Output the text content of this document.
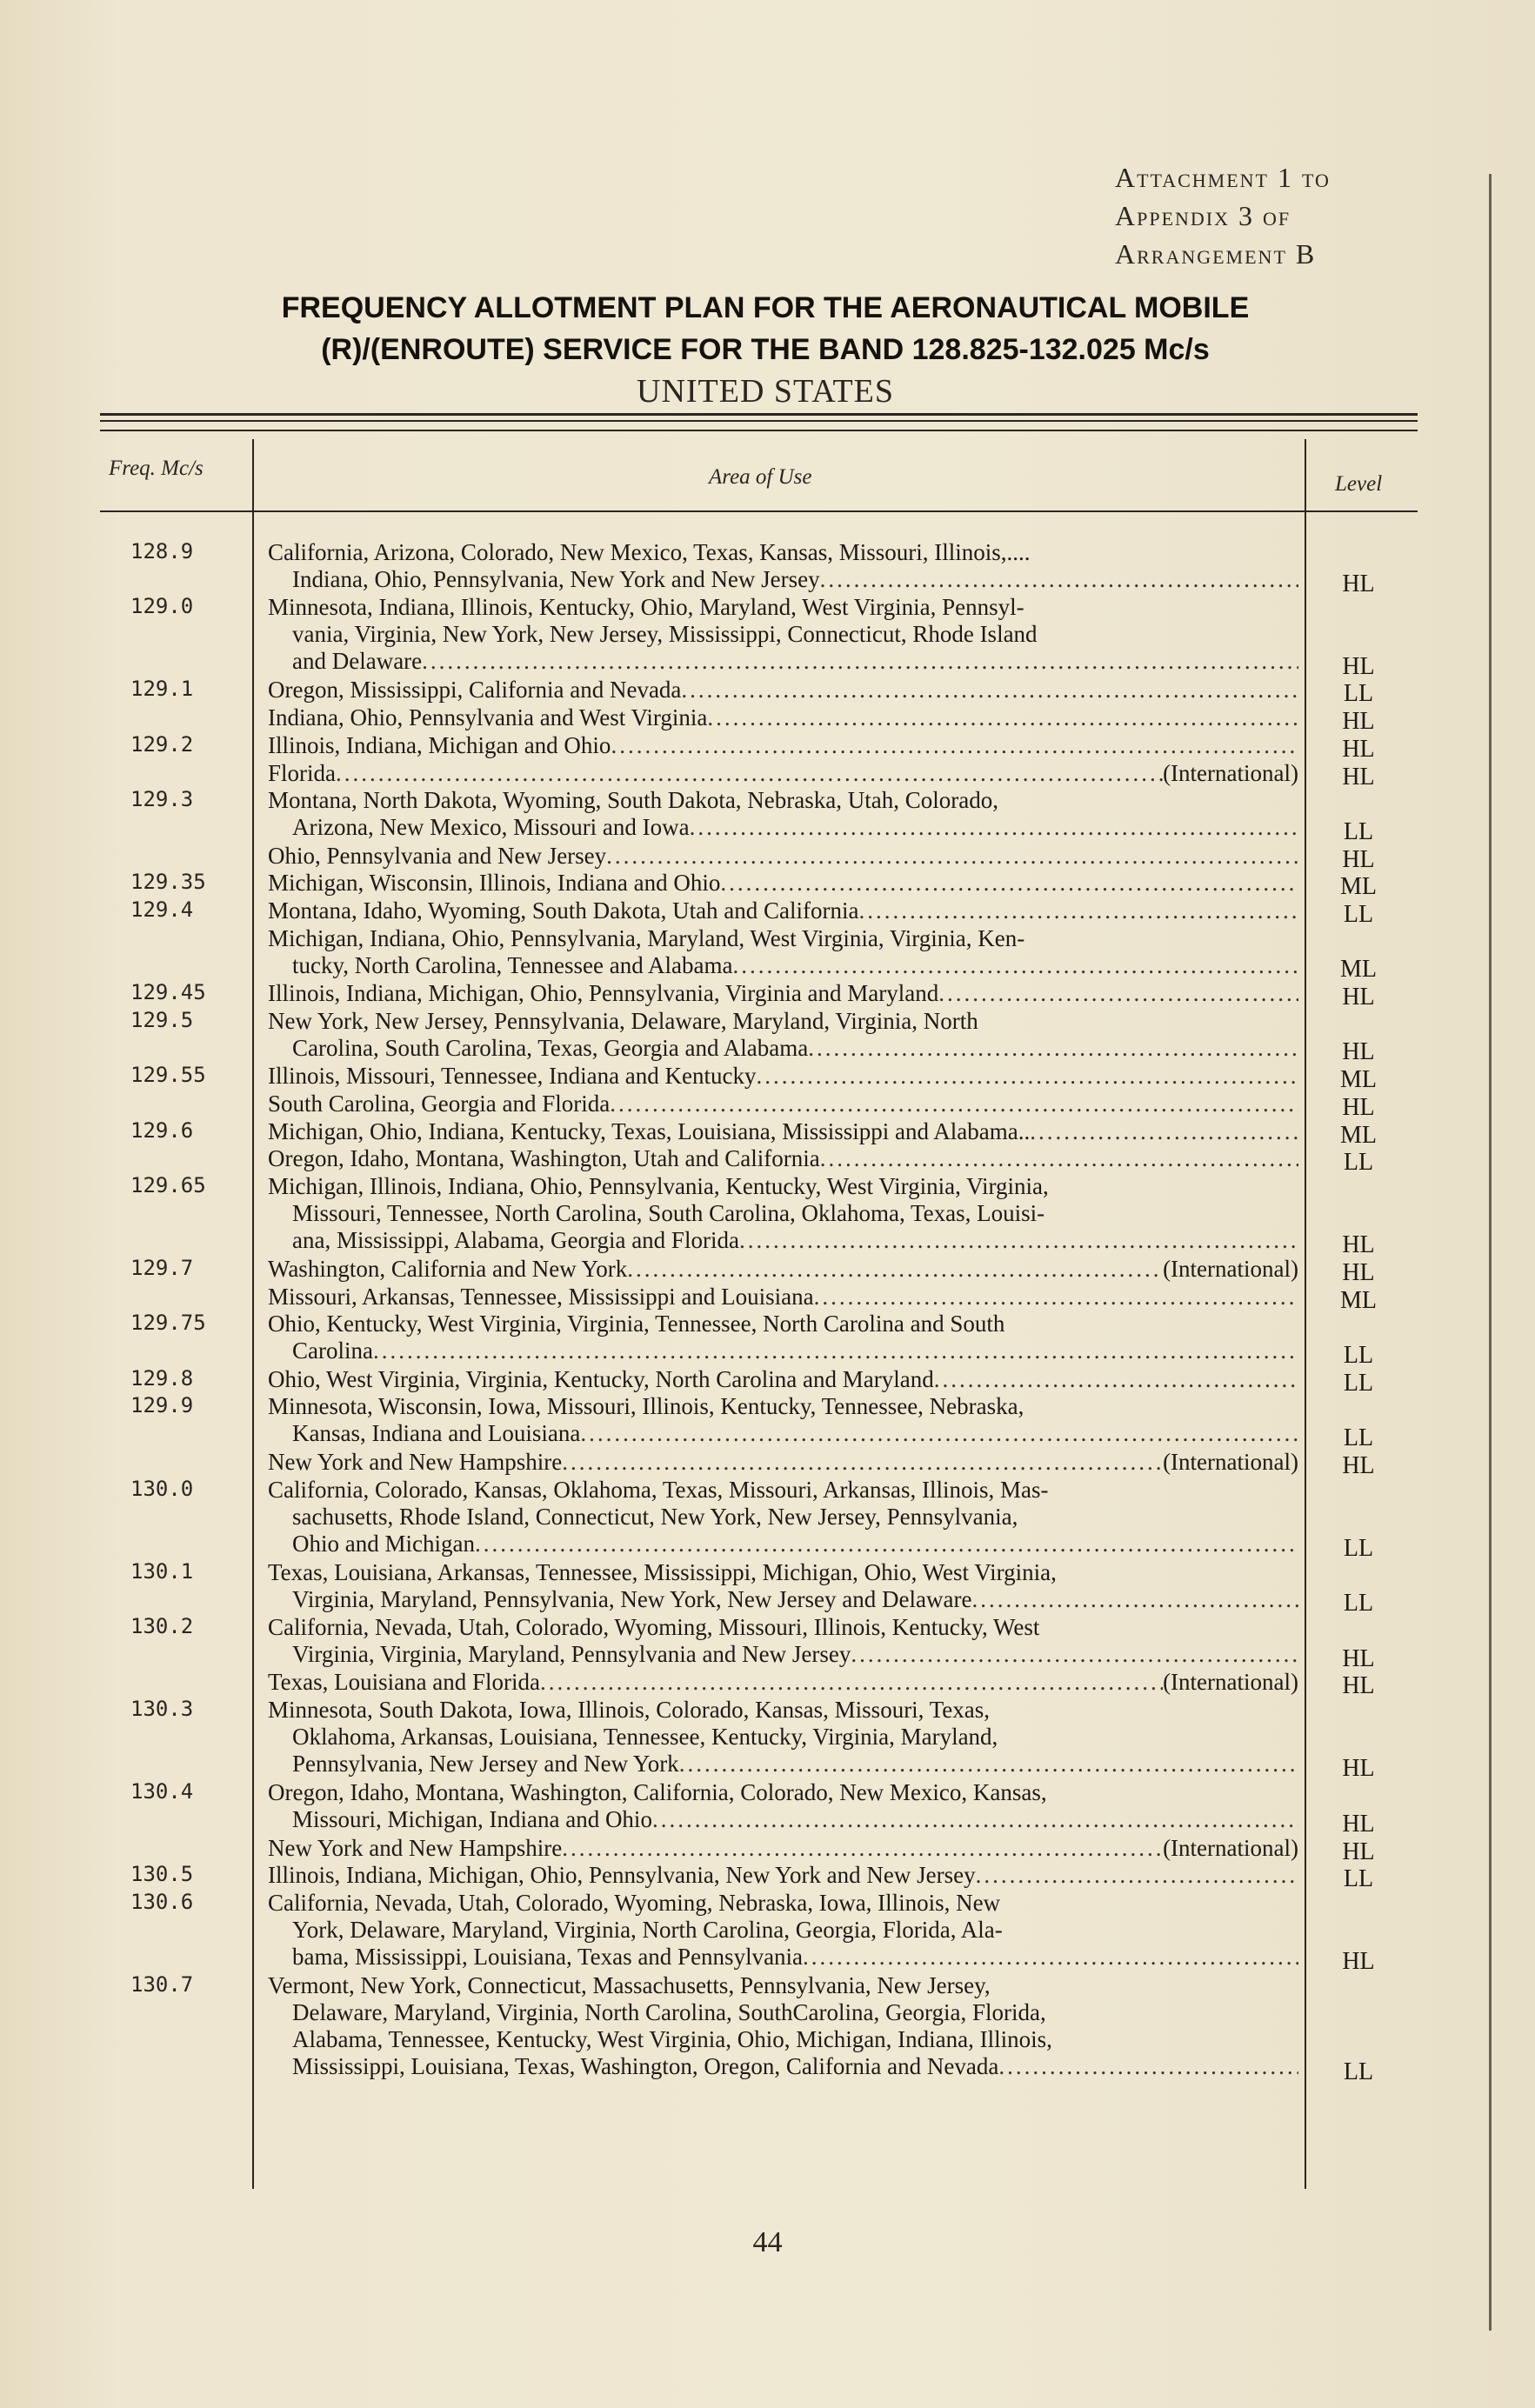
Attachment 1 to
Appendix 3 of
Arrangement B
FREQUENCY ALLOTMENT PLAN FOR THE AERONAUTICAL MOBILE
(R)/(ENROUTE) SERVICE FOR THE BAND 128.825-132.025 Mc/s
UNITED STATES
Freq. Mc/s	Area of Use	Level
128.9	California, Arizona, Colorado, New Mexico, Texas, Kansas, Missouri, Illinois,....
Indiana, Ohio, Pennsylvania, New York and New Jersey .....	HL
129.0	Minnesota, Indiana, Illinois, Kentucky, Ohio, Maryland, West Virginia, Pennsyl-
vania, Virginia, New York, New Jersey, Mississippi, Connecticut, Rhode Island
and Delaware .....	HL
129.1	Oregon, Mississippi, California and Nevada .....	LL
Indiana, Ohio, Pennsylvania and West Virginia .....	HL
129.2	Illinois, Indiana, Michigan and Ohio .....	HL
Florida .....	(International)	HL
129.3	Montana, North Dakota, Wyoming, South Dakota, Nebraska, Utah, Colorado,
Arizona, New Mexico, Missouri and Iowa .....	LL
Ohio, Pennsylvania and New Jersey .....	HL
129.35	Michigan, Wisconsin, Illinois, Indiana and Ohio .....	ML
129.4	Montana, Idaho, Wyoming, South Dakota, Utah and California .....	LL
Michigan, Indiana, Ohio, Pennsylvania, Maryland, West Virginia, Virginia, Ken-
tucky, North Carolina, Tennessee and Alabama .....	ML
129.45	Illinois, Indiana, Michigan, Ohio, Pennsylvania, Virginia and Maryland .....	HL
129.5	New York, New Jersey, Pennsylvania, Delaware, Maryland, Virginia, North
Carolina, South Carolina, Texas, Georgia and Alabama .....	HL
129.55	Illinois, Missouri, Tennessee, Indiana and Kentucky .....	ML
South Carolina, Georgia and Florida .....	HL
129.6	Michigan, Ohio, Indiana, Kentucky, Texas, Louisiana, Mississippi and Alabama.. .....	ML
Oregon, Idaho, Montana, Washington, Utah and California .....	LL
129.65	Michigan, Illinois, Indiana, Ohio, Pennsylvania, Kentucky, West Virginia, Virginia,
Missouri, Tennessee, North Carolina, South Carolina, Oklahoma, Texas, Louisi-
ana, Mississippi, Alabama, Georgia and Florida .....	HL
129.7	Washington, California and New York .....	(International)	HL
Missouri, Arkansas, Tennessee, Mississippi and Louisiana .....	ML
129.75	Ohio, Kentucky, West Virginia, Virginia, Tennessee, North Carolina and South
Carolina .....	LL
129.8	Ohio, West Virginia, Virginia, Kentucky, North Carolina and Maryland .....	LL
129.9	Minnesota, Wisconsin, Iowa, Missouri, Illinois, Kentucky, Tennessee, Nebraska,
Kansas, Indiana and Louisiana .....	LL
New York and New Hampshire .....	(International)	HL
130.0	California, Colorado, Kansas, Oklahoma, Texas, Missouri, Arkansas, Illinois, Mas-
sachusetts, Rhode Island, Connecticut, New York, New Jersey, Pennsylvania,
Ohio and Michigan .....	LL
130.1	Texas, Louisiana, Arkansas, Tennessee, Mississippi, Michigan, Ohio, West Virginia,
Virginia, Maryland, Pennsylvania, New York, New Jersey and Delaware .....	LL
130.2	California, Nevada, Utah, Colorado, Wyoming, Missouri, Illinois, Kentucky, West
Virginia, Virginia, Maryland, Pennsylvania and New Jersey .....	HL
Texas, Louisiana and Florida .....	(International)	HL
130.3	Minnesota, South Dakota, Iowa, Illinois, Colorado, Kansas, Missouri, Texas,
Oklahoma, Arkansas, Louisiana, Tennessee, Kentucky, Virginia, Maryland,
Pennsylvania, New Jersey and New York .....	HL
130.4	Oregon, Idaho, Montana, Washington, California, Colorado, New Mexico, Kansas,
Missouri, Michigan, Indiana and Ohio .....	HL
New York and New Hampshire .....	(International)	HL
130.5	Illinois, Indiana, Michigan, Ohio, Pennsylvania, New York and New Jersey .....	LL
130.6	California, Nevada, Utah, Colorado, Wyoming, Nebraska, Iowa, Illinois, New
York, Delaware, Maryland, Virginia, North Carolina, Georgia, Florida, Ala-
bama, Mississippi, Louisiana, Texas and Pennsylvania .....	HL
130.7	Vermont, New York, Connecticut, Massachusetts, Pennsylvania, New Jersey,
Delaware, Maryland, Virginia, North Carolina, SouthCarolina, Georgia, Florida,
Alabama, Tennessee, Kentucky, West Virginia, Ohio, Michigan, Indiana, Illinois,
Mississippi, Louisiana, Texas, Washington, Oregon, California and Nevada .....	LL
44
